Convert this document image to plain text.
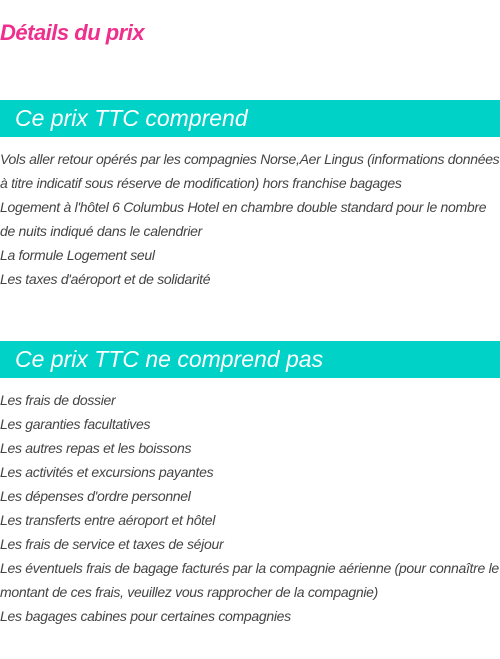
Détails du prix
Ce prix TTC comprend
Vols aller retour opérés par les compagnies Norse,Aer Lingus (informations données à titre indicatif sous réserve de modification) hors franchise bagages
Logement à l'hôtel 6 Columbus Hotel en chambre double standard pour le nombre de nuits indiqué dans le calendrier
La formule Logement seul
Les taxes d'aéroport et de solidarité
Ce prix TTC ne comprend pas
Les frais de dossier
Les garanties facultatives
Les autres repas et les boissons
Les activités et excursions payantes
Les dépenses d'ordre personnel
Les transferts entre aéroport et hôtel
Les frais de service et taxes de séjour
Les éventuels frais de bagage facturés par la compagnie aérienne (pour connaître le montant de ces frais, veuillez vous rapprocher de la compagnie)
Les bagages cabines pour certaines compagnies
